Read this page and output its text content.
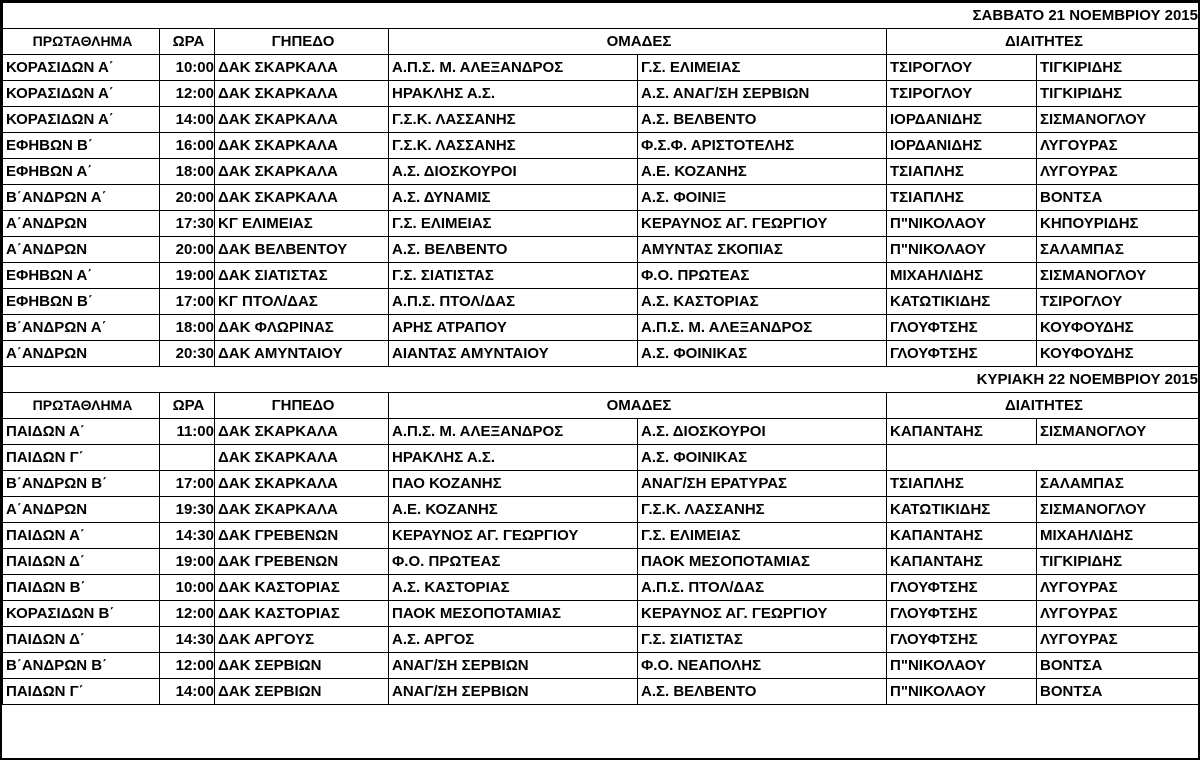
ΣΑΒΒΑΤΟ 21 ΝΟΕΜΒΡΙΟΥ 2015						
ΠΡΩΤΑΘΛΗΜΑ	ΩΡΑ	ΓΗΠΕΔΟ	ΟΜΑΔΕΣ		ΔΙΑΙΤΗΤΕΣ	
ΚΟΡΑΣΙΔΩΝ Α΄	10:00	ΔΑΚ ΣΚΑΡΚΑΛΑ	Α.Π.Σ. Μ. ΑΛΕΞΑΝΔΡΟΣ	Γ.Σ. ΕΛΙΜΕΙΑΣ	ΤΣΙΡΟΓΛΟΥ	ΤΙΓΚΙΡΙΔΗΣ
ΚΟΡΑΣΙΔΩΝ Α΄	12:00	ΔΑΚ ΣΚΑΡΚΑΛΑ	ΗΡΑΚΛΗΣ Α.Σ.	Α.Σ. ΑΝΑΓ/ΣΗ ΣΕΡΒΙΩΝ	ΤΣΙΡΟΓΛΟΥ	ΤΙΓΚΙΡΙΔΗΣ
ΚΟΡΑΣΙΔΩΝ Α΄	14:00	ΔΑΚ ΣΚΑΡΚΑΛΑ	Γ.Σ.Κ. ΛΑΣΣΑΝΗΣ	Α.Σ. ΒΕΛΒΕΝΤΟ	ΙΟΡΔΑΝΙΔΗΣ	ΣΙΣΜΑΝΟΓΛΟΥ
ΕΦΗΒΩΝ Β΄	16:00	ΔΑΚ ΣΚΑΡΚΑΛΑ	Γ.Σ.Κ. ΛΑΣΣΑΝΗΣ	Φ.Σ.Φ. ΑΡΙΣΤΟΤΕΛΗΣ	ΙΟΡΔΑΝΙΔΗΣ	ΛΥΓΟΥΡΑΣ
ΕΦΗΒΩΝ Α΄	18:00	ΔΑΚ ΣΚΑΡΚΑΛΑ	Α.Σ. ΔΙΟΣΚΟΥΡΟΙ	Α.Ε. ΚΟΖΑΝΗΣ	ΤΣΙΑΠΛΗΣ	ΛΥΓΟΥΡΑΣ
Β΄ΑΝΔΡΩΝ Α΄	20:00	ΔΑΚ ΣΚΑΡΚΑΛΑ	Α.Σ. ΔΥΝΑΜΙΣ	Α.Σ. ΦΟΙΝΙΞ	ΤΣΙΑΠΛΗΣ	ΒΟΝΤΣΑ
Α΄ΑΝΔΡΩΝ	17:30	ΚΓ ΕΛΙΜΕΙΑΣ	Γ.Σ. ΕΛΙΜΕΙΑΣ	ΚΕΡΑΥΝΟΣ ΑΓ. ΓΕΩΡΓΙΟΥ	Π"ΝΙΚΟΛΑΟΥ	ΚΗΠΟΥΡΙΔΗΣ
Α΄ΑΝΔΡΩΝ	20:00	ΔΑΚ ΒΕΛΒΕΝΤΟΥ	Α.Σ. ΒΕΛΒΕΝΤΟ	ΑΜΥΝΤΑΣ ΣΚΟΠΙΑΣ	Π"ΝΙΚΟΛΑΟΥ	ΣΑΛΑΜΠΑΣ
ΕΦΗΒΩΝ Α΄	19:00	ΔΑΚ ΣΙΑΤΙΣΤΑΣ	Γ.Σ. ΣΙΑΤΙΣΤΑΣ	Φ.Ο. ΠΡΩΤΕΑΣ	ΜΙΧΑΗΛΙΔΗΣ	ΣΙΣΜΑΝΟΓΛΟΥ
ΕΦΗΒΩΝ Β΄	17:00	ΚΓ ΠΤΟΛ/ΔΑΣ	Α.Π.Σ. ΠΤΟΛ/ΔΑΣ	Α.Σ. ΚΑΣΤΟΡΙΑΣ	ΚΑΤΩΤΙΚΙΔΗΣ	ΤΣΙΡΟΓΛΟΥ
Β΄ΑΝΔΡΩΝ Α΄	18:00	ΔΑΚ ΦΛΩΡΙΝΑΣ	ΑΡΗΣ ΑΤΡΑΠΟΥ	Α.Π.Σ. Μ. ΑΛΕΞΑΝΔΡΟΣ	ΓΛΟΥΦΤΣΗΣ	ΚΟΥΦΟΥΔΗΣ
Α΄ΑΝΔΡΩΝ	20:30	ΔΑΚ ΑΜΥΝΤΑΙΟΥ	ΑΙΑΝΤΑΣ ΑΜΥΝΤΑΙΟΥ	Α.Σ. ΦΟΙΝΙΚΑΣ	ΓΛΟΥΦΤΣΗΣ	ΚΟΥΦΟΥΔΗΣ
ΚΥΡΙΑΚΗ 22 ΝΟΕΜΒΡΙΟΥ 2015						
ΠΡΩΤΑΘΛΗΜΑ	ΩΡΑ	ΓΗΠΕΔΟ	ΟΜΑΔΕΣ		ΔΙΑΙΤΗΤΕΣ	
ΠΑΙΔΩΝ Α΄	11:00	ΔΑΚ ΣΚΑΡΚΑΛΑ	Α.Π.Σ. Μ. ΑΛΕΞΑΝΔΡΟΣ	Α.Σ. ΔΙΟΣΚΟΥΡΟΙ	ΚΑΠΑΝΤΑΗΣ	ΣΙΣΜΑΝΟΓΛΟΥ
ΠΑΙΔΩΝ Γ΄		ΔΑΚ ΣΚΑΡΚΑΛΑ	ΗΡΑΚΛΗΣ Α.Σ.	Α.Σ. ΦΟΙΝΙΚΑΣ		
Β΄ΑΝΔΡΩΝ Β΄	17:00	ΔΑΚ ΣΚΑΡΚΑΛΑ	ΠΑΟ ΚΟΖΑΝΗΣ	ΑΝΑΓ/ΣΗ ΕΡΑΤΥΡΑΣ	ΤΣΙΑΠΛΗΣ	ΣΑΛΑΜΠΑΣ
Α΄ΑΝΔΡΩΝ	19:30	ΔΑΚ ΣΚΑΡΚΑΛΑ	Α.Ε. ΚΟΖΑΝΗΣ	Γ.Σ.Κ. ΛΑΣΣΑΝΗΣ	ΚΑΤΩΤΙΚΙΔΗΣ	ΣΙΣΜΑΝΟΓΛΟΥ
ΠΑΙΔΩΝ Α΄	14:30	ΔΑΚ ΓΡΕΒΕΝΩΝ	ΚΕΡΑΥΝΟΣ ΑΓ. ΓΕΩΡΓΙΟΥ	Γ.Σ. ΕΛΙΜΕΙΑΣ	ΚΑΠΑΝΤΑΗΣ	ΜΙΧΑΗΛΙΔΗΣ
ΠΑΙΔΩΝ Δ΄	19:00	ΔΑΚ ΓΡΕΒΕΝΩΝ	Φ.Ο. ΠΡΩΤΕΑΣ	ΠΑΟΚ ΜΕΣΟΠΟΤΑΜΙΑΣ	ΚΑΠΑΝΤΑΗΣ	ΤΙΓΚΙΡΙΔΗΣ
ΠΑΙΔΩΝ Β΄	10:00	ΔΑΚ ΚΑΣΤΟΡΙΑΣ	Α.Σ. ΚΑΣΤΟΡΙΑΣ	Α.Π.Σ. ΠΤΟΛ/ΔΑΣ	ΓΛΟΥΦΤΣΗΣ	ΛΥΓΟΥΡΑΣ
ΚΟΡΑΣΙΔΩΝ Β΄	12:00	ΔΑΚ ΚΑΣΤΟΡΙΑΣ	ΠΑΟΚ ΜΕΣΟΠΟΤΑΜΙΑΣ	ΚΕΡΑΥΝΟΣ ΑΓ. ΓΕΩΡΓΙΟΥ	ΓΛΟΥΦΤΣΗΣ	ΛΥΓΟΥΡΑΣ
ΠΑΙΔΩΝ Δ΄	14:30	ΔΑΚ ΑΡΓΟΥΣ	Α.Σ. ΑΡΓΟΣ	Γ.Σ. ΣΙΑΤΙΣΤΑΣ	ΓΛΟΥΦΤΣΗΣ	ΛΥΓΟΥΡΑΣ
Β΄ΑΝΔΡΩΝ Β΄	12:00	ΔΑΚ ΣΕΡΒΙΩΝ	ΑΝΑΓ/ΣΗ ΣΕΡΒΙΩΝ	Φ.Ο. ΝΕΑΠΟΛΗΣ	Π"ΝΙΚΟΛΑΟΥ	ΒΟΝΤΣΑ
ΠΑΙΔΩΝ Γ΄	14:00	ΔΑΚ ΣΕΡΒΙΩΝ	ΑΝΑΓ/ΣΗ ΣΕΡΒΙΩΝ	Α.Σ. ΒΕΛΒΕΝΤΟ	Π"ΝΙΚΟΛΑΟΥ	ΒΟΝΤΣΑ
